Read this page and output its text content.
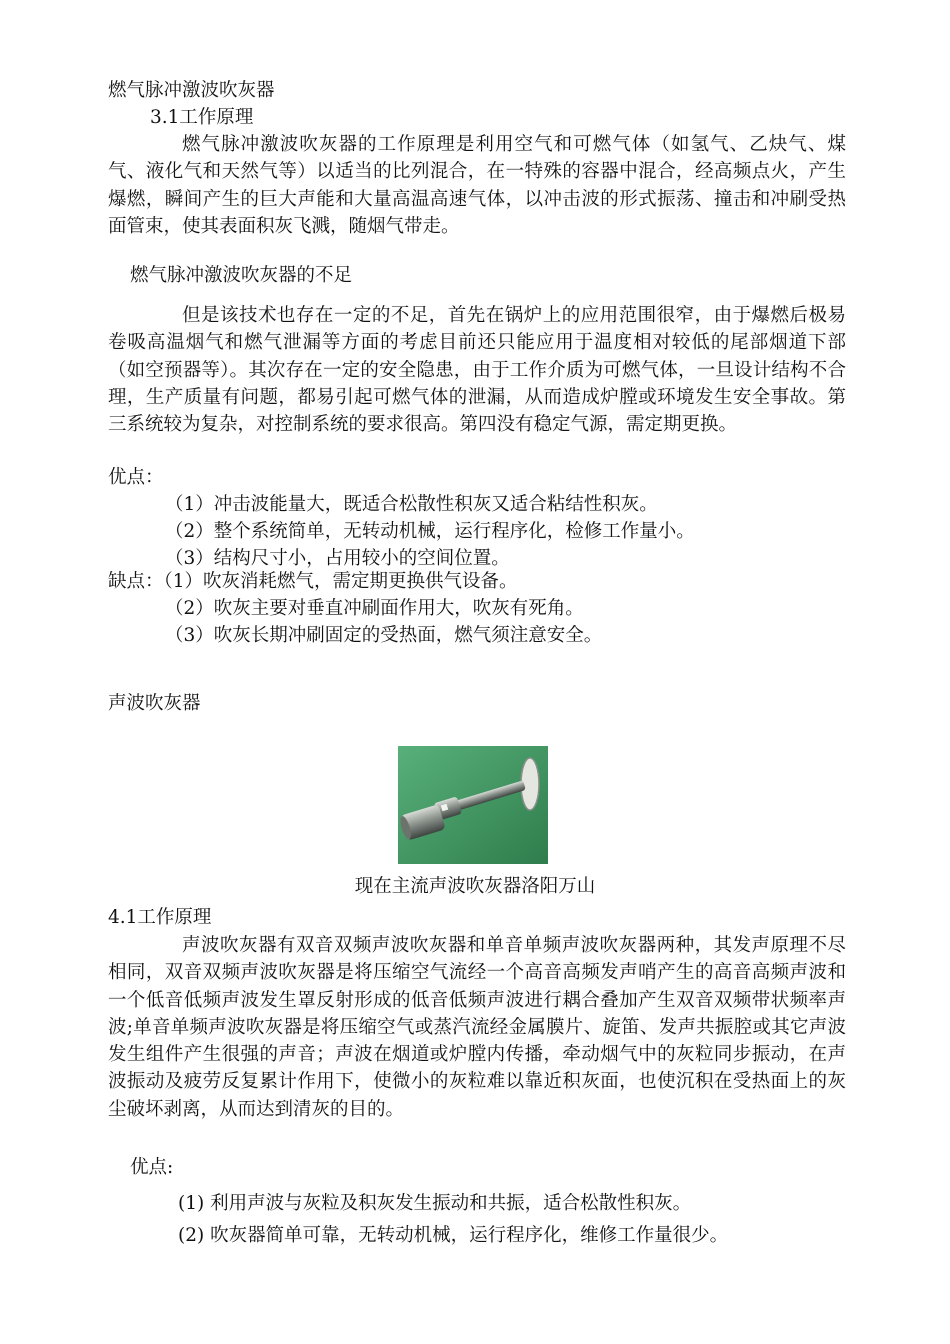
燃气脉冲激波吹灰器
3.1工作原理

燃气脉冲激波吹灰器的工作原理是利用空气和可燃气体（如氢气、乙炔气、煤气、液化气和天然气等）以适当的比列混合，在一特殊的容器中混合，经高频点火，产生爆燃，瞬间产生的巨大声能和大量高温高速气体，以冲击波的形式振荡、撞击和冲刷受热面管束，使其表面积灰飞溅，随烟气带走。

燃气脉冲激波吹灰器的不足

但是该技术也存在一定的不足，首先在锅炉上的应用范围很窄，由于爆燃后极易卷吸高温烟气和燃气泄漏等方面的考虑目前还只能应用于温度相对较低的尾部烟道下部（如空预器等）。其次存在一定的安全隐患，由于工作介质为可燃气体，一旦设计结构不合理，生产质量有问题，都易引起可燃气体的泄漏，从而造成炉膛或环境发生安全事故。第三系统较为复杂，对控制系统的要求很高。第四没有稳定气源，需定期更换。

优点：
（1）冲击波能量大，既适合松散性积灰又适合粘结性积灰。
（2）整个系统简单，无转动机械，运行程序化，检修工作量小。
（3）结构尺寸小，占用较小的空间位置。
缺点：（1）吹灰消耗燃气，需定期更换供气设备。
（2）吹灰主要对垂直冲刷面作用大，吹灰有死角。
（3）吹灰长期冲刷固定的受热面，燃气须注意安全。
声波吹灰器
现在主流声波吹灰器洛阳万山
4.1工作原理

声波吹灰器有双音双频声波吹灰器和单音单频声波吹灰器两种，其发声原理不尽相同，双音双频声波吹灰器是将压缩空气流经一个高音高频发声哨产生的高音高频声波和一个低音低频声波发生罩反射形成的低音低频声波进行耦合叠加产生双音双频带状频率声波;单音单频声波吹灰器是将压缩空气或蒸汽流经金属膜片、旋笛、发声共振腔或其它声波发生组件产生很强的声音；声波在烟道或炉膛内传播，牵动烟气中的灰粒同步振动，在声波振动及疲劳反复累计作用下，使微小的灰粒难以靠近积灰面，也使沉积在受热面上的灰尘破坏剥离，从而达到清灰的目的。

优点:
(1) 利用声波与灰粒及积灰发生振动和共振，适合松散性积灰。
(2) 吹灰器简单可靠，无转动机械，运行程序化，维修工作量很少。
